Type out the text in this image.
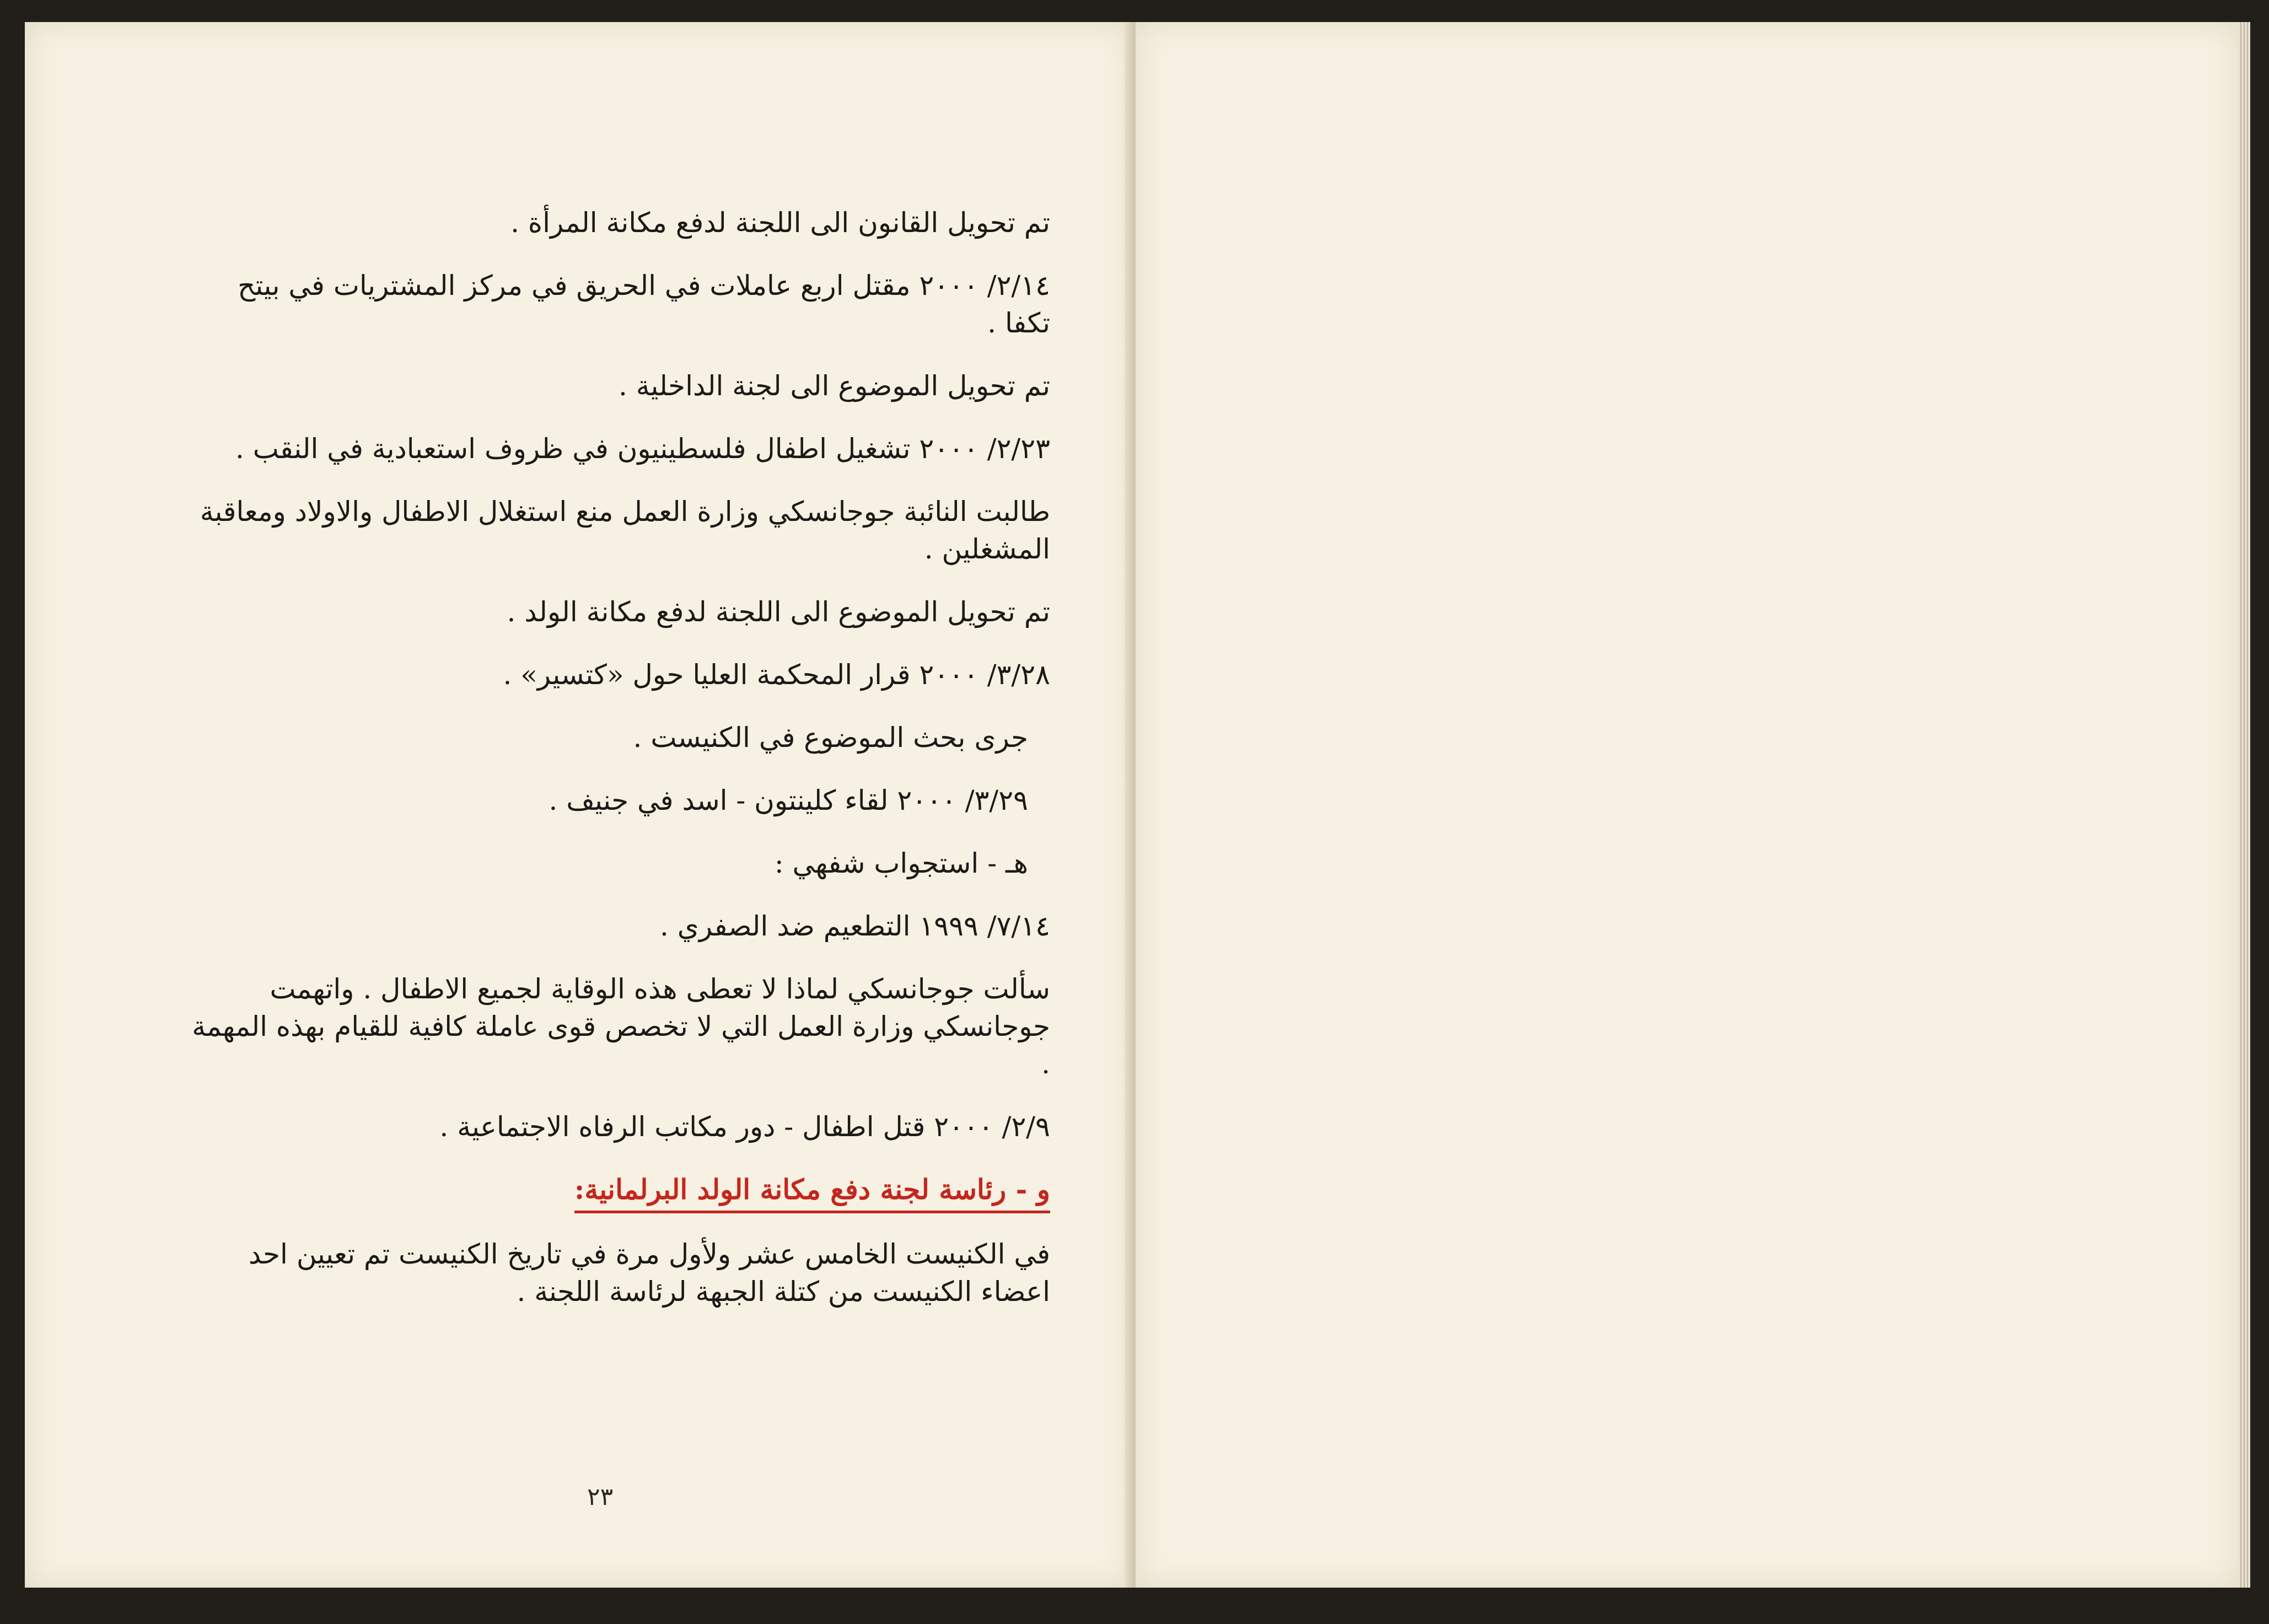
تم تحويل القانون الى اللجنة لدفع مكانة المرأة .

٢/١٤/ ٢٠٠٠ مقتل اربع عاملات في الحريق في مركز المشتريات في بيتح تكفا .

تم تحويل الموضوع الى لجنة الداخلية .

٢/٢٣/ ٢٠٠٠ تشغيل اطفال فلسطينيون في ظروف استعبادية في النقب .

طالبت النائبة جوجانسكي وزارة العمل منع استغلال الاطفال والاولاد ومعاقبة المشغلين .

تم تحويل الموضوع الى اللجنة لدفع مكانة الولد .

٣/٢٨/ ٢٠٠٠ قرار المحكمة العليا حول «كتسير» .

جرى بحث الموضوع في الكنيست .

٣/٢٩/ ٢٠٠٠ لقاء كلينتون - اسد في جنيف .

هـ - استجواب شفهي :

٧/١٤/ ١٩٩٩ التطعيم ضد الصفري .

سألت جوجانسكي لماذا لا تعطى هذه الوقاية لجميع الاطفال . واتهمت جوجانسكي وزارة العمل التي لا تخصص قوى عاملة كافية للقيام بهذه المهمة .

٢/٩/ ٢٠٠٠ قتل اطفال - دور مكاتب الرفاه الاجتماعية .

و - رئاسة لجنة دفع مكانة الولد البرلمانية:

في الكنيست الخامس عشر ولأول مرة في تاريخ الكنيست تم تعيين احد اعضاء الكنيست من كتلة الجبهة لرئاسة اللجنة .

٢٣
